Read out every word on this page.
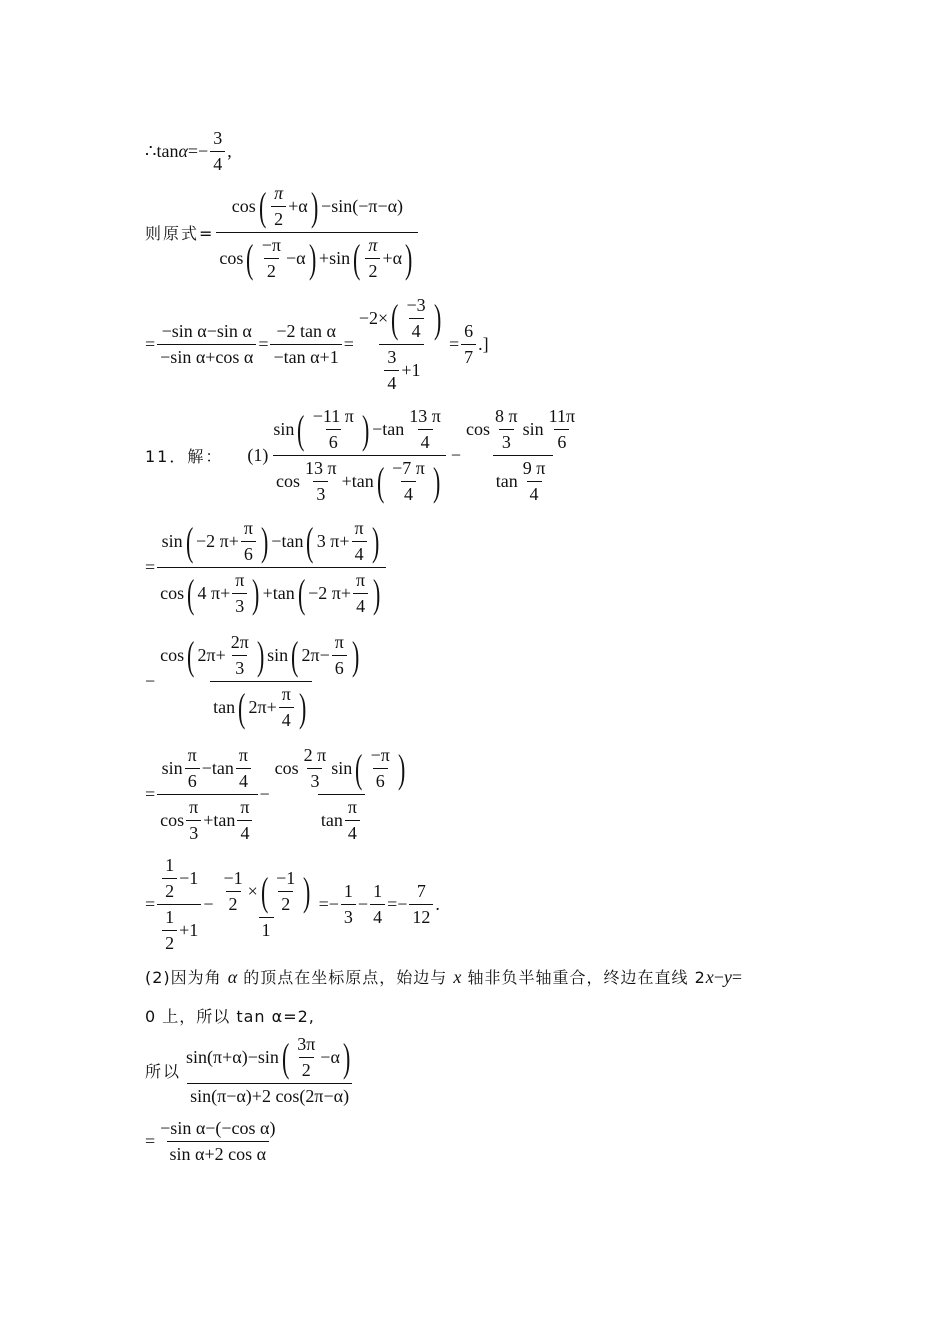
∴tan $\alpha =- \frac{3}{4}$ ,
则原式=
cos ( $\frac{\pi}{2} +\alpha$ ) −sin (−π−α)
cos ( $\frac{-\pi}{2} -\alpha$ ) +sin ( $\frac{\pi}{2} +\alpha$ )
= $\frac{\text{−sin α−sin α}}{\text{−sin α+cos α}} = \frac{\text{−2 tan α}}{\text{−tan α+1}} = \frac{-2\times ( \frac{-3}{4} )}{\frac{3}{4} +1} = \frac{6}{7}$ .]
11．解： (1)
sin ( $\frac{-11 \pi}{6}$ ) $-\tan \frac{13 \pi}{4}$
$\cos \frac{13 \pi}{3} +\tan$ ( $\frac{-7 \pi}{4}$ )
− $\frac{\cos \frac{8 \pi}{3} \sin \frac{11\pi}{6}}{\tan \frac{9 \pi}{4}}$
=
sin ( −2 $\pi+ \frac{\pi}{6}$ ) −tan ( 3 $\pi+ \frac{\pi}{4}$ )
cos ( 4 $\pi+ \frac{\pi}{3}$ ) +tan ( −2 $\pi+ \frac{\pi}{4}$ )
−
cos ( $2\pi+ \frac{2\pi}{3}$ ) sin ( $2\pi- \frac{\pi}{6}$ )
tan ( $2\pi+ \frac{\pi}{4}$ )
= $\frac{\sin \frac{\pi}{6} -\tan \frac{\pi}{4}}{\cos \frac{\pi}{3} +\tan \frac{\pi}{4}}$ −
$\cos \frac{2 \pi}{3}$ sin ( $\frac{-\pi}{6}$ )
$\tan \frac{\pi}{4}$
= $\frac{\frac{1}{2} -1}{\frac{1}{2} +1} - \frac{\frac{-1}{2} \times ( \frac{-1}{2} )}{1} =- \frac{1}{3} - \frac{1}{4} =- \frac{7}{12}$ .
(2)因为角 α 的顶点在坐标原点，始边与 x 轴非负半轴重合，终边在直线 2x−y=
0 上，所以 tan α=2,
所以
sin (π+α) −sin ( $\frac{3\pi}{2} -\alpha$ )
sin(π−α)+2 cos(2π−α)
= $\frac{\text{−sin α−(−cos α)}}{\text{sin α+2 cos α}}$
